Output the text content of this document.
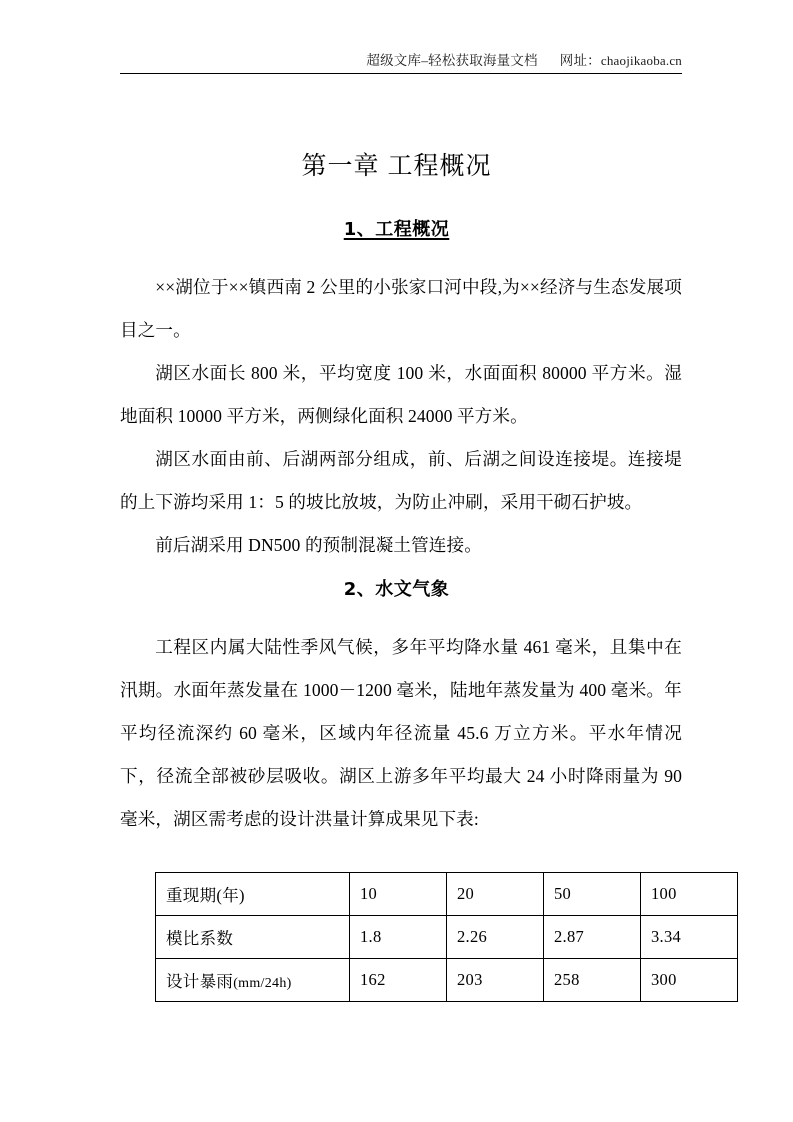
超级文库–轻松获取海量文档 网址：chaojikaoba.cn
第一章 工程概况
1、工程概况

××湖位于××镇西南 2 公里的小张家口河中段,为××经济与生态发展项目之一。

湖区水面长 800 米，平均宽度 100 米，水面面积 80000 平方米。湿地面积 10000 平方米，两侧绿化面积 24000 平方米。

湖区水面由前、后湖两部分组成，前、后湖之间设连接堤。连接堤的上下游均采用 1：5 的坡比放坡，为防止冲刷，采用干砌石护坡。

前后湖采用 DN500 的预制混凝土管连接。

2、水文气象

工程区内属大陆性季风气候，多年平均降水量 461 毫米，且集中在汛期。水面年蒸发量在 1000－1200 毫米，陆地年蒸发量为 400 毫米。年平均径流深约 60 毫米，区域内年径流量 45.6 万立方米。平水年情况下，径流全部被砂层吸收。湖区上游多年平均最大 24 小时降雨量为 90 毫米，湖区需考虑的设计洪量计算成果见下表:

重现期(年)	10	20	50	100
模比系数	1.8	2.26	2.87	3.34
设计暴雨(mm/24h)	162	203	258	300
